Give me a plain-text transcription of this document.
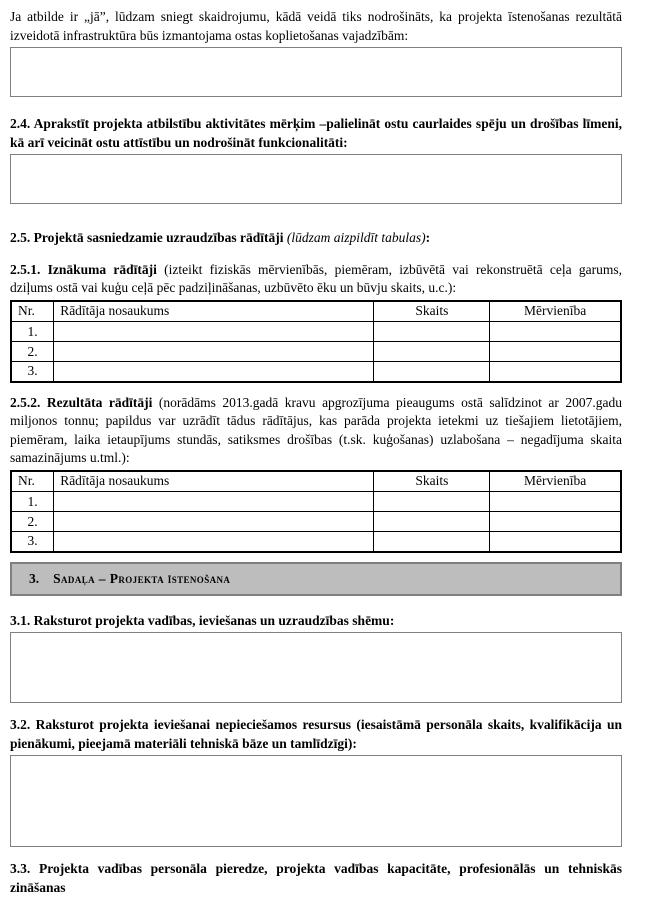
Ja atbilde ir „jā”, lūdzam sniegt skaidrojumu, kādā veidā tiks nodrošināts, ka projekta īstenošanas rezultātā izveidotā infrastruktūra būs izmantojama ostas koplietošanas vajadzībām:

2.4. Aprakstīt projekta atbilstību aktivitātes mērķim –palielināt ostu caurlaides spēju un drošības līmeni, kā arī veicināt ostu attīstību un nodrošināt funkcionalitāti:

2.5. Projektā sasniedzamie uzraudzības rādītāji (lūdzam aizpildīt tabulas):

2.5.1. Iznākuma rādītāji (izteikt fiziskās mērvienībās, piemēram, izbūvētā vai rekonstruētā ceļa garums, dziļums ostā vai kuģu ceļā pēc padziļināšanas, uzbūvēto ēku un būvju skaits, u.c.):

Nr.	Rādītāja nosaukums	Skaits	Mērvienība
1.			
2.			
3.			

2.5.2. Rezultāta rādītāji (norādāms 2013.gadā kravu apgrozījuma pieaugums ostā salīdzinot ar 2007.gadu miljonos tonnu; papildus var uzrādīt tādus rādītājus, kas parāda projekta ietekmi uz tiešajiem lietotājiem, piemēram, laika ietaupījums stundās, satiksmes drošības (t.sk. kuģošanas) uzlabošana – negadījuma skaita samazinājums u.tml.):

Nr.	Rādītāja nosaukums	Skaits	Mērvienība
1.			
2.			
3.			
3. Sadaļa – Projekta īstenošana

3.1. Raksturot projekta vadības, ieviešanas un uzraudzības shēmu:

3.2. Raksturot projekta ieviešanai nepieciešamos resursus (iesaistāmā personāla skaits, kvalifikācija un pienākumi, pieejamā materiāli tehniskā bāze un tamlīdzīgi):

3.3. Projekta vadības personāla pieredze, projekta vadības kapacitāte, profesionālās un tehniskās zināšanas
